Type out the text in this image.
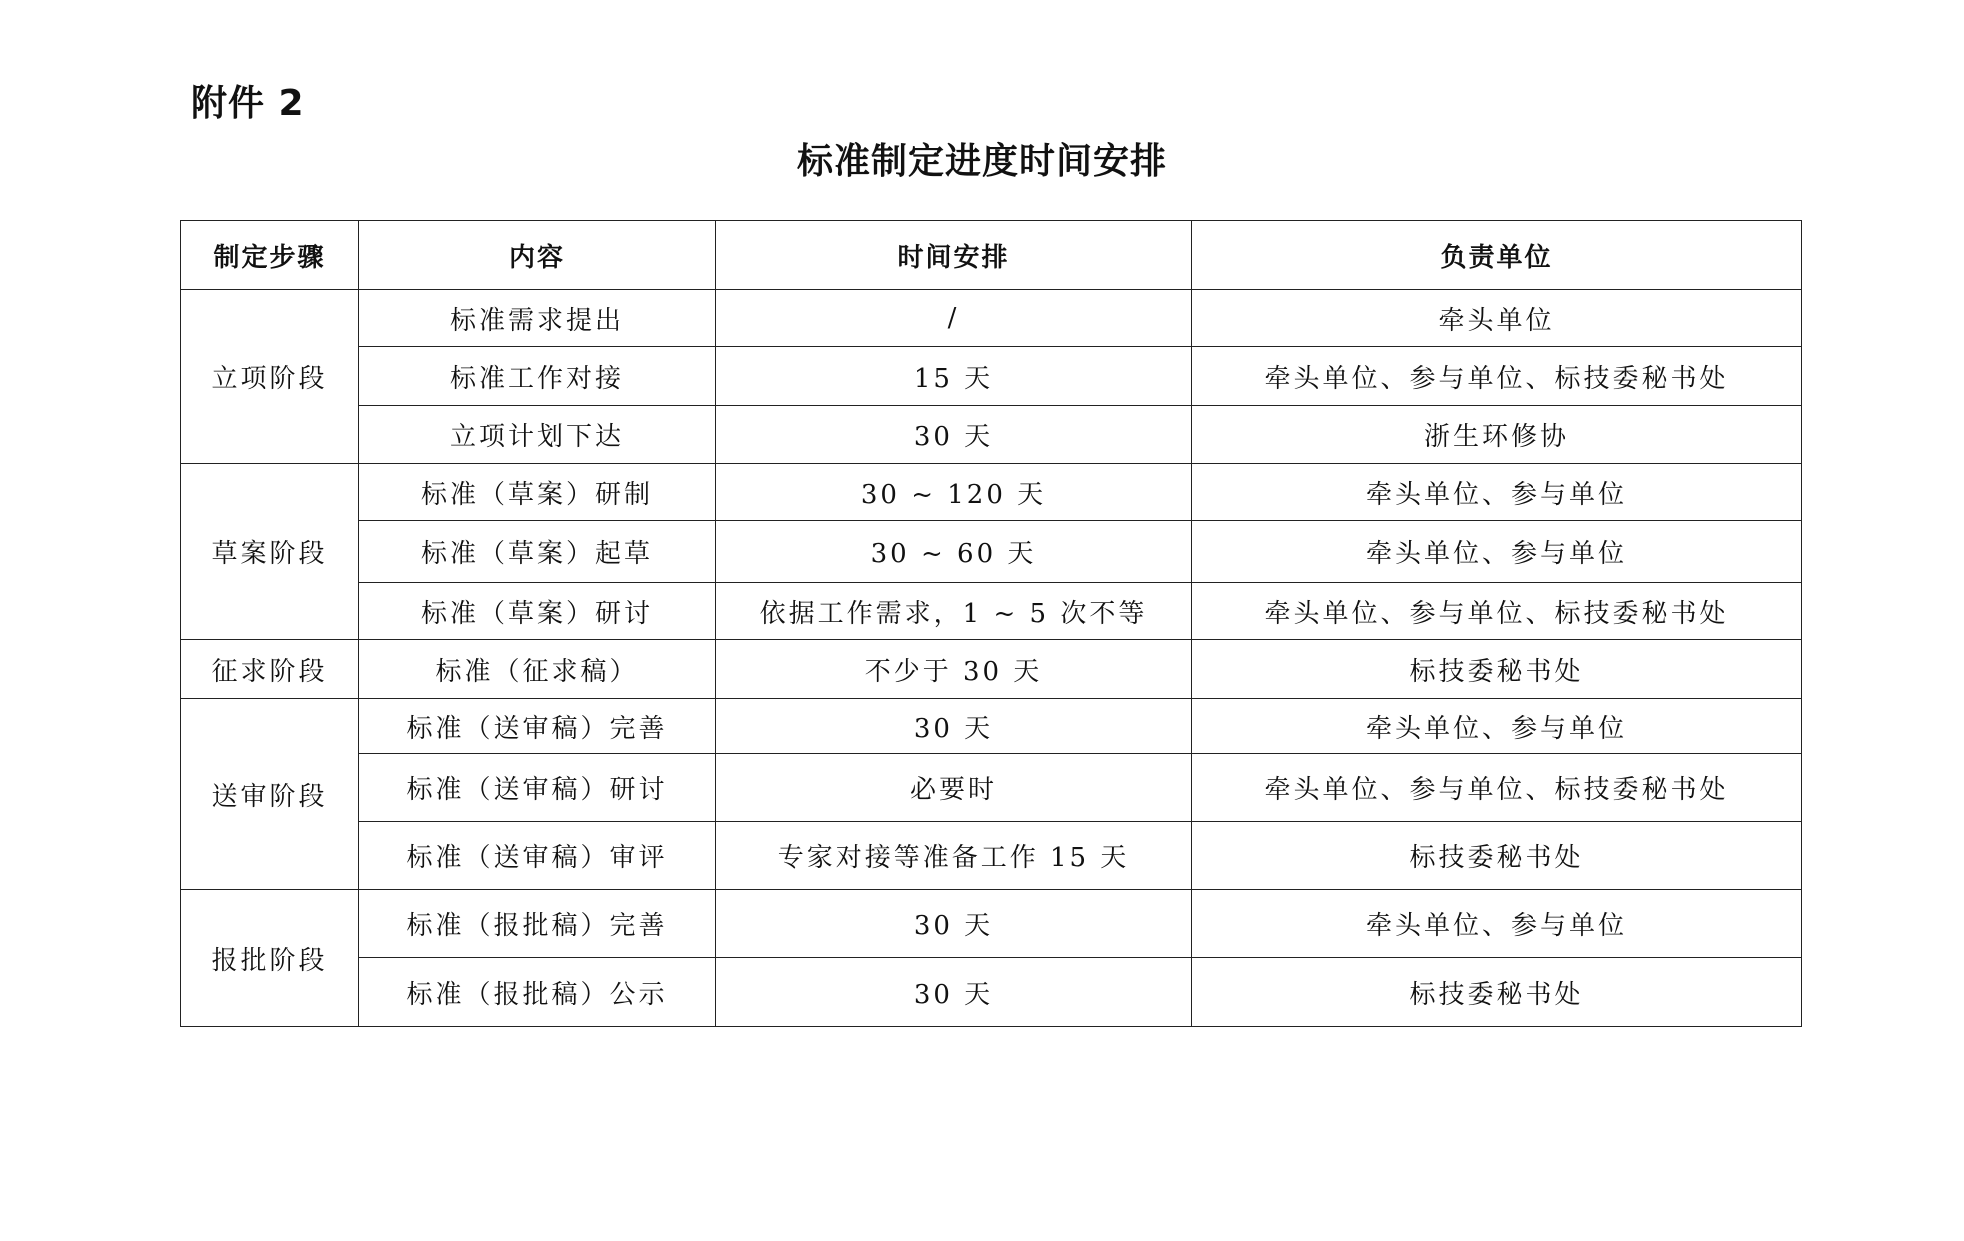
附件 2
标准制定进度时间安排
制定步骤	内容	时间安排	负责单位
立项阶段	标准需求提出	/	牵头单位
	标准工作对接	15 天	牵头单位、参与单位、标技委秘书处
	立项计划下达	30 天	浙生环修协
草案阶段	标准（草案）研制	30 ~ 120 天	牵头单位、参与单位
	标准（草案）起草	30 ~ 60 天	牵头单位、参与单位
	标准（草案）研讨	依据工作需求，1 ~ 5 次不等	牵头单位、参与单位、标技委秘书处
征求阶段	标准（征求稿）	不少于 30 天	标技委秘书处
送审阶段	标准（送审稿）完善	30 天	牵头单位、参与单位
	标准（送审稿）研讨	必要时	牵头单位、参与单位、标技委秘书处
	标准（送审稿）审评	专家对接等准备工作 15 天	标技委秘书处
报批阶段	标准（报批稿）完善	30 天	牵头单位、参与单位
	标准（报批稿）公示	30 天	标技委秘书处
